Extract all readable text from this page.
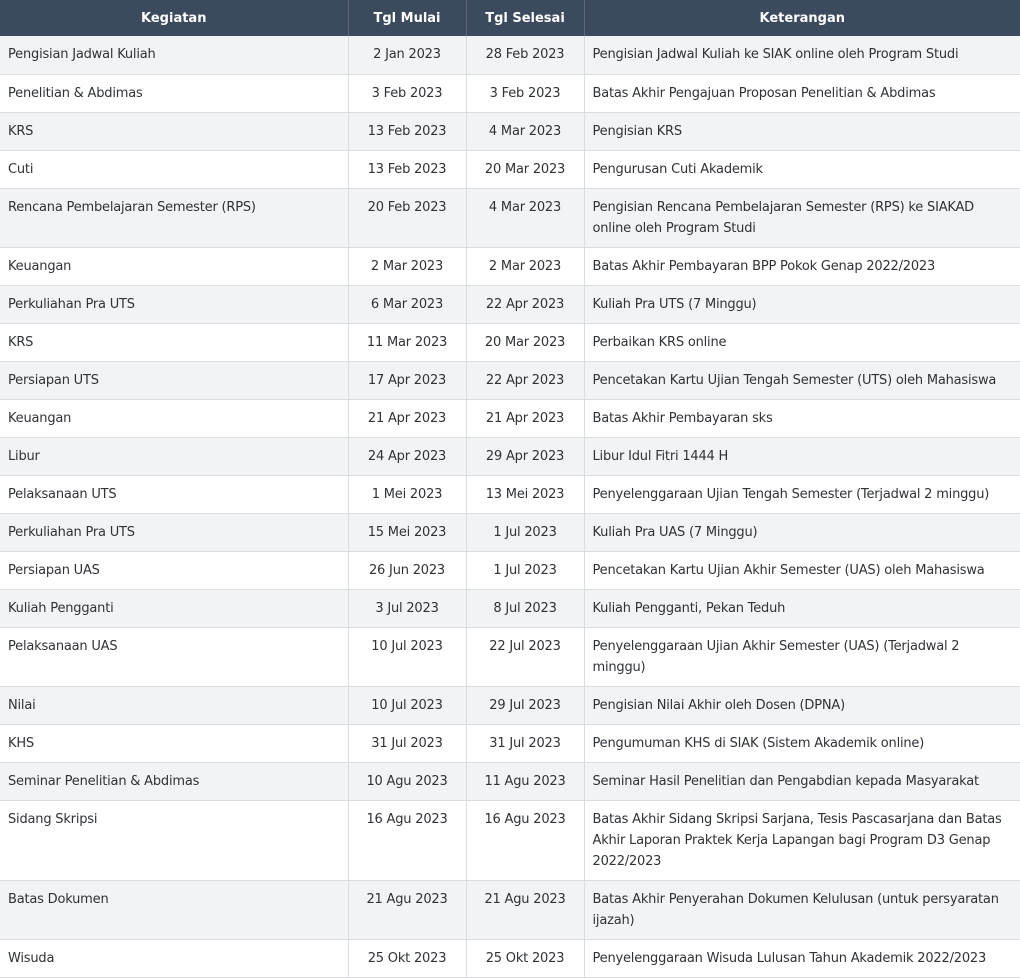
Kegiatan	Tgl Mulai	Tgl Selesai	Keterangan
Pengisian Jadwal Kuliah	2 Jan 2023	28 Feb 2023	Pengisian Jadwal Kuliah ke SIAK online oleh Program Studi
Penelitian & Abdimas	3 Feb 2023	3 Feb 2023	Batas Akhir Pengajuan Proposan Penelitian & Abdimas
KRS	13 Feb 2023	4 Mar 2023	Pengisian KRS
Cuti	13 Feb 2023	20 Mar 2023	Pengurusan Cuti Akademik
Rencana Pembelajaran Semester (RPS)	20 Feb 2023	4 Mar 2023	Pengisian Rencana Pembelajaran Semester (RPS) ke SIAKAD online oleh Program Studi
Keuangan	2 Mar 2023	2 Mar 2023	Batas Akhir Pembayaran BPP Pokok Genap 2022/2023
Perkuliahan Pra UTS	6 Mar 2023	22 Apr 2023	Kuliah Pra UTS (7 Minggu)
KRS	11 Mar 2023	20 Mar 2023	Perbaikan KRS online
Persiapan UTS	17 Apr 2023	22 Apr 2023	Pencetakan Kartu Ujian Tengah Semester (UTS) oleh Mahasiswa
Keuangan	21 Apr 2023	21 Apr 2023	Batas Akhir Pembayaran sks
Libur	24 Apr 2023	29 Apr 2023	Libur Idul Fitri 1444 H
Pelaksanaan UTS	1 Mei 2023	13 Mei 2023	Penyelenggaraan Ujian Tengah Semester (Terjadwal 2 minggu)
Perkuliahan Pra UTS	15 Mei 2023	1 Jul 2023	Kuliah Pra UAS (7 Minggu)
Persiapan UAS	26 Jun 2023	1 Jul 2023	Pencetakan Kartu Ujian Akhir Semester (UAS) oleh Mahasiswa
Kuliah Pengganti	3 Jul 2023	8 Jul 2023	Kuliah Pengganti, Pekan Teduh
Pelaksanaan UAS	10 Jul 2023	22 Jul 2023	Penyelenggaraan Ujian Akhir Semester (UAS) (Terjadwal 2 minggu)
Nilai	10 Jul 2023	29 Jul 2023	Pengisian Nilai Akhir oleh Dosen (DPNA)
KHS	31 Jul 2023	31 Jul 2023	Pengumuman KHS di SIAK (Sistem Akademik online)
Seminar Penelitian & Abdimas	10 Agu 2023	11 Agu 2023	Seminar Hasil Penelitian dan Pengabdian kepada Masyarakat
Sidang Skripsi	16 Agu 2023	16 Agu 2023	Batas Akhir Sidang Skripsi Sarjana, Tesis Pascasarjana dan Batas Akhir Laporan Praktek Kerja Lapangan bagi Program D3 Genap 2022/2023
Batas Dokumen	21 Agu 2023	21 Agu 2023	Batas Akhir Penyerahan Dokumen Kelulusan (untuk persyaratan ijazah)
Wisuda	25 Okt 2023	25 Okt 2023	Penyelenggaraan Wisuda Lulusan Tahun Akademik 2022/2023
